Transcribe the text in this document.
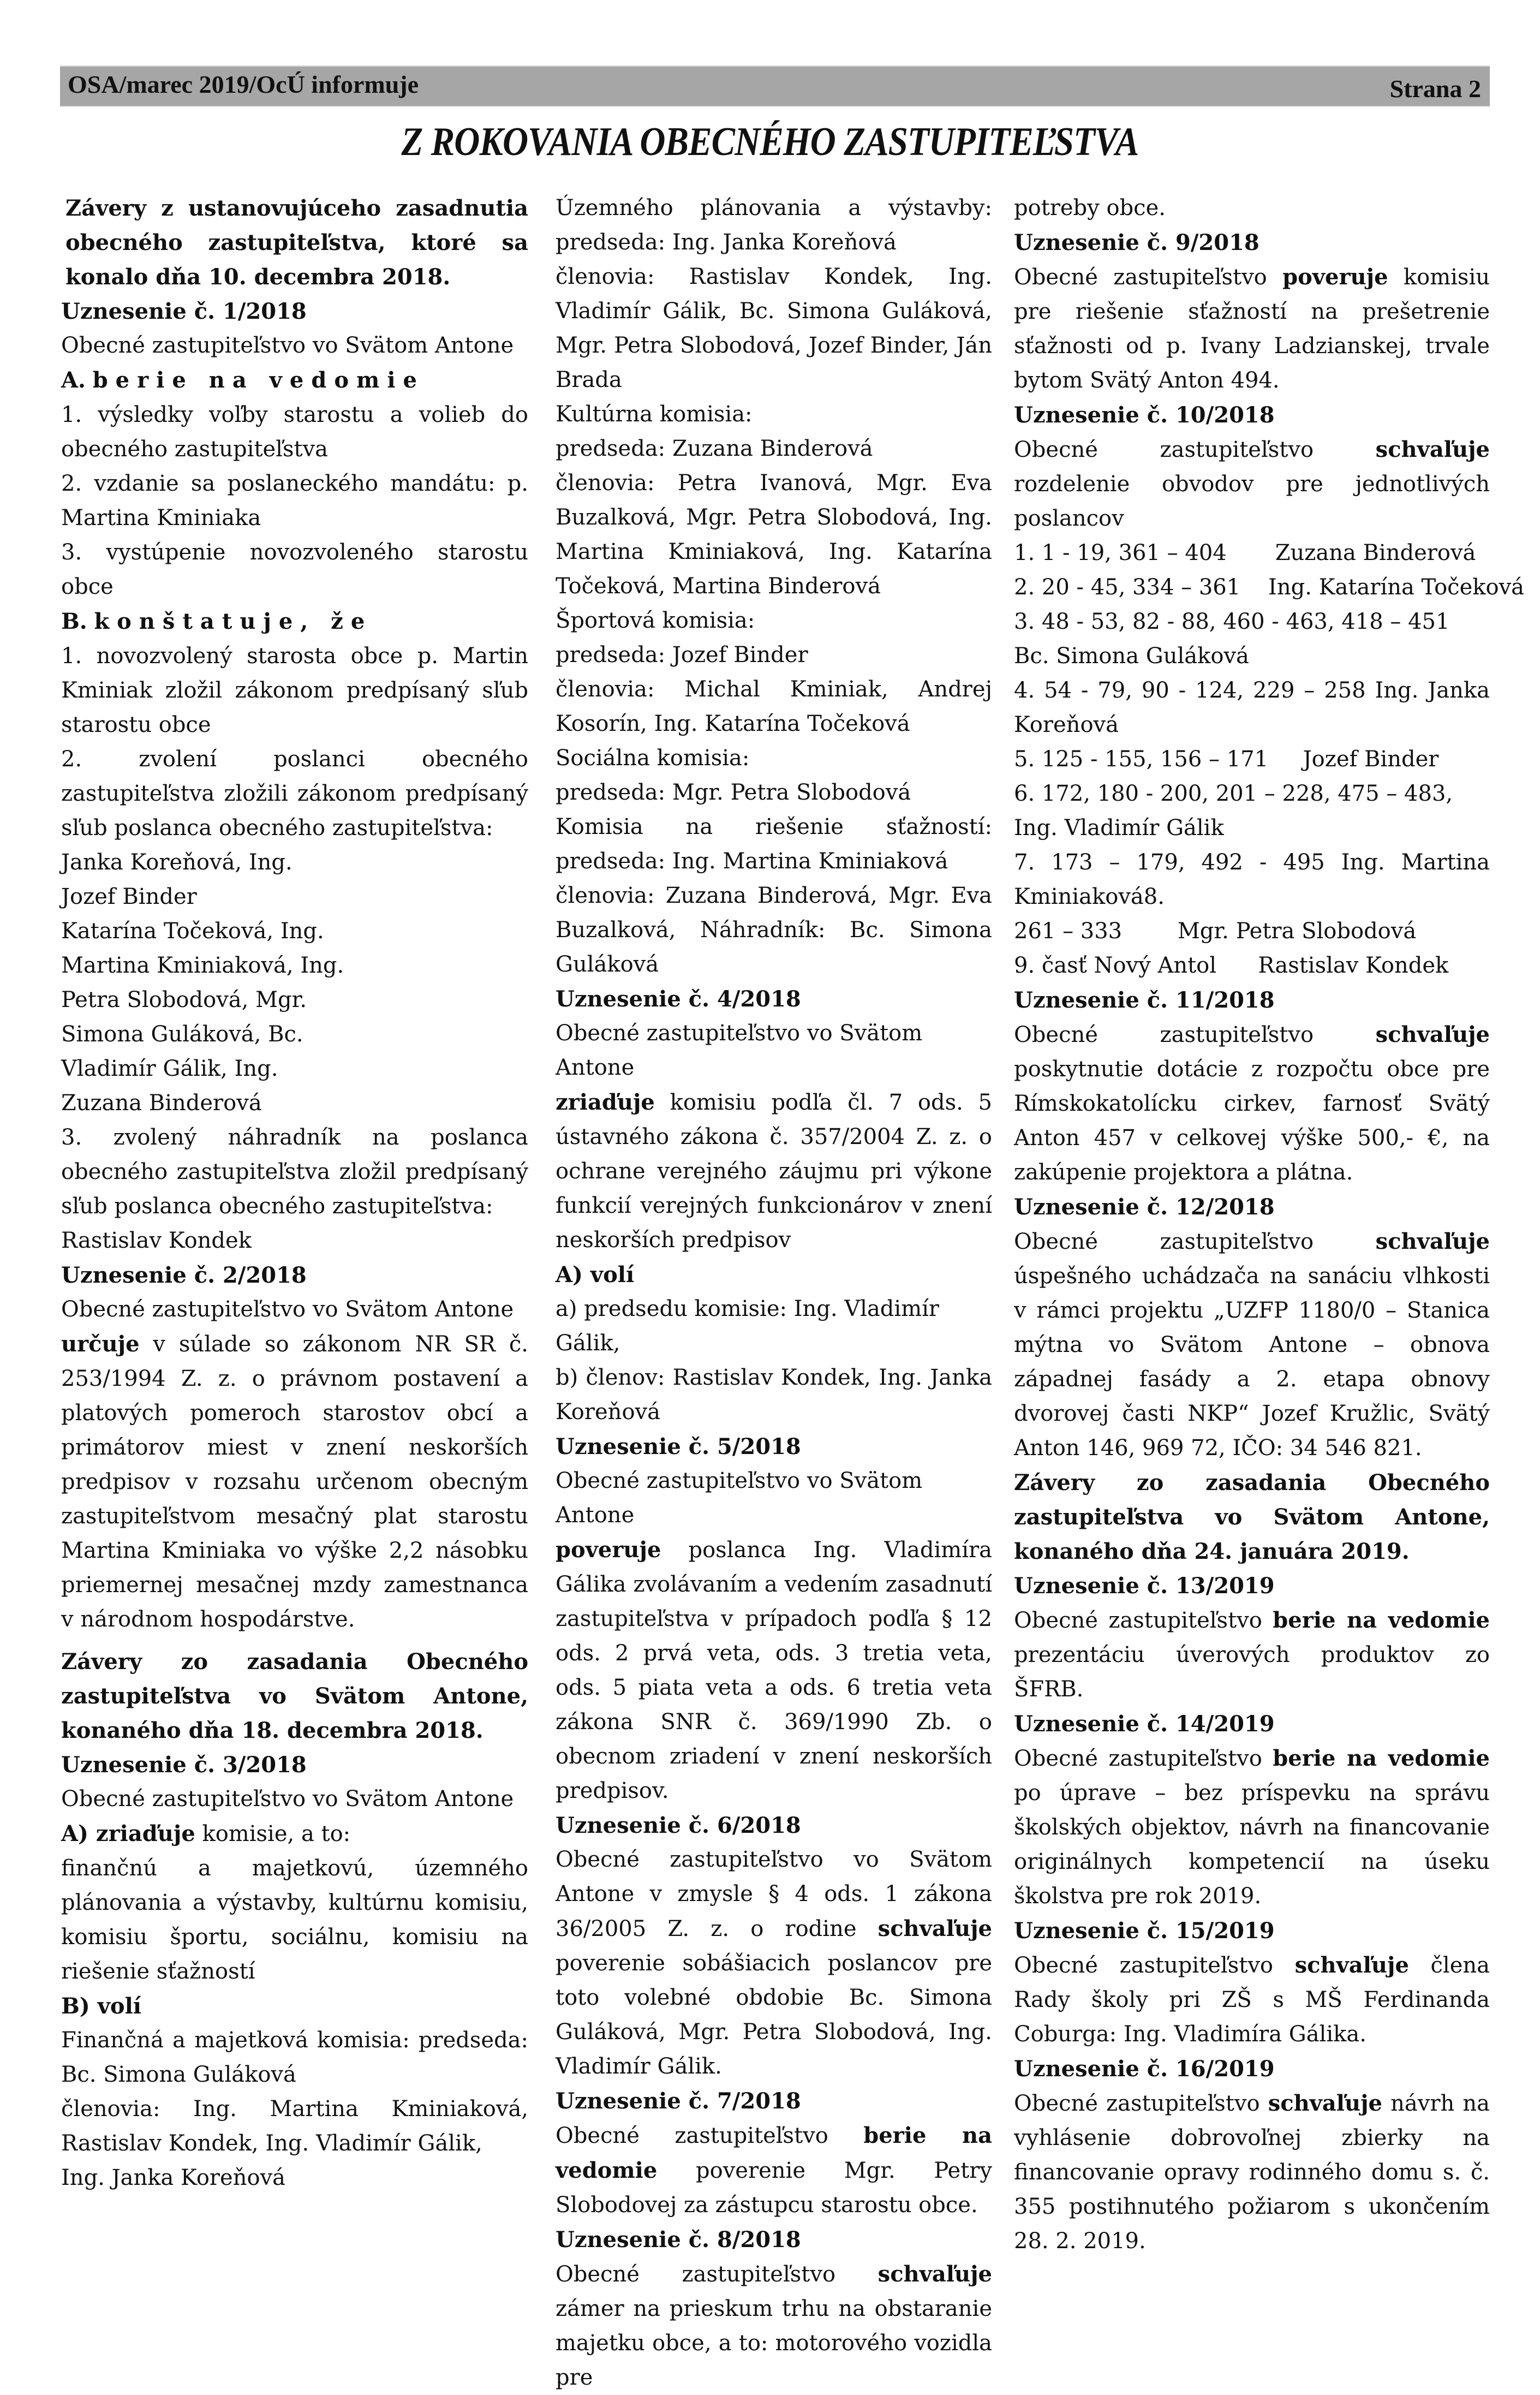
OSA/marec 2019/OcÚ informuje	Strana 2
Z ROKOVANIA OBECNÉHO ZASTUPITEĽSTVA

Závery z ustanovujúceho zasadnutia obecného zastupiteľstva, ktoré sa konalo dňa 10. decembra 2018.

Uznesenie č. 1/2018

Obecné zastupiteľstvo vo Svätom Antone

A. berie na vedomie

1. výsledky voľby starostu a volieb do obecného zastupiteľstva

2. vzdanie sa poslaneckého mandátu: p. Martina Kminiaka

3. vystúpenie novozvoleného starostu obce

B. konštatuje, že

1. novozvolený starosta obce p. Martin Kminiak zložil zákonom predpísaný sľub starostu obce

2. zvolení poslanci obecného zastupiteľstva zložili zákonom predpísaný sľub poslanca obecného zastupiteľstva:

Janka Koreňová, Ing.

Jozef Binder

Katarína Točeková, Ing.

Martina Kminiaková, Ing.

Petra Slobodová, Mgr.

Simona Guláková, Bc.

Vladimír Gálik, Ing.

Zuzana Binderová

3. zvolený náhradník na poslanca obecného zastupiteľstva zložil predpísaný sľub poslanca obecného zastupiteľstva:

Rastislav Kondek

Uznesenie č. 2/2018

Obecné zastupiteľstvo vo Svätom Antone

určuje v súlade so zákonom NR SR č. 253/1994 Z. z. o právnom postavení a platových pomeroch starostov obcí a primátorov miest v znení neskorších predpisov v rozsahu určenom obecným zastupiteľstvom mesačný plat starostu Martina Kminiaka vo výške 2,2 násobku priemernej mesačnej mzdy zamestnanca v národnom hospodárstve.

Závery zo zasadania Obecného zastupiteľstva vo Svätom Antone, konaného dňa 18. decembra 2018.

Uznesenie č. 3/2018

Obecné zastupiteľstvo vo Svätom Antone

A) zriaďuje komisie, a to:

finančnú a majetkovú, územného plánovania a výstavby, kultúrnu komisiu, komisiu športu, sociálnu, komisiu na riešenie sťažností

B) volí

Finančná a majetková komisia: predseda: Bc. Simona Guláková

členovia: Ing. Martina Kminiaková, Rastislav Kondek, Ing. Vladimír Gálik,

Ing. Janka Koreňová

Územného plánovania a výstavby: predseda: Ing. Janka Koreňová

členovia: Rastislav Kondek, Ing. Vladimír Gálik, Bc. Simona Guláková, Mgr. Petra Slobodová, Jozef Binder, Ján Brada

Kultúrna komisia:

predseda: Zuzana Binderová

členovia: Petra Ivanová, Mgr. Eva Buzalková, Mgr. Petra Slobodová, Ing. Martina Kminiaková, Ing. Katarína Točeková, Martina Binderová

Športová komisia:

predseda: Jozef Binder

členovia: Michal Kminiak, Andrej Kosorín, Ing. Katarína Točeková

Sociálna komisia:

predseda: Mgr. Petra Slobodová

Komisia na riešenie sťažností: predseda: Ing. Martina Kminiaková

členovia: Zuzana Binderová, Mgr. Eva Buzalková, Náhradník: Bc. Simona Guláková

Uznesenie č. 4/2018

Obecné zastupiteľstvo vo Svätom Antone

zriaďuje komisiu podľa čl. 7 ods. 5 ústavného zákona č. 357/2004 Z. z. o ochrane verejného záujmu pri výkone funkcií verejných funkcionárov v znení neskorších predpisov

A) volí

a) predsedu komisie: Ing. Vladimír Gálik,

b) členov: Rastislav Kondek, Ing. Janka Koreňová

Uznesenie č. 5/2018

Obecné zastupiteľstvo vo Svätom Antone

poveruje poslanca Ing. Vladimíra Gálika zvolávaním a vedením zasadnutí zastupiteľstva v prípadoch podľa § 12 ods. 2 prvá veta, ods. 3 tretia veta, ods. 5 piata veta a ods. 6 tretia veta zákona SNR č. 369/1990 Zb. o obecnom zriadení v znení neskorších predpisov.

Uznesenie č. 6/2018

Obecné zastupiteľstvo vo Svätom Antone v zmysle § 4 ods. 1 zákona 36/2005 Z. z. o rodine schvaľuje poverenie sobášiacich poslancov pre toto volebné obdobie Bc. Simona Guláková, Mgr. Petra Slobodová, Ing. Vladimír Gálik.

Uznesenie č. 7/2018

Obecné zastupiteľstvo berie na vedomie poverenie Mgr. Petry Slobodovej za zástupcu starostu obce.

Uznesenie č. 8/2018

Obecné zastupiteľstvo schvaľuje zámer na prieskum trhu na obstaranie majetku obce, a to: motorového vozidla pre

potreby obce.

Uznesenie č. 9/2018

Obecné zastupiteľstvo poveruje komisiu pre riešenie sťažností na prešetrenie sťažnosti od p. Ivany Ladzianskej, trvale bytom Svätý Anton 494.

Uznesenie č. 10/2018

Obecné zastupiteľstvo schvaľuje rozdelenie obvodov pre jednotlivých poslancov

1. 1 - 19, 361 – 404       Zuzana Binderová

2. 20 - 45, 334 – 361    Ing. Katarína Točeková

3. 48 - 53, 82 - 88, 460 - 463, 418 – 451

Bc. Simona Guláková

4. 54 - 79, 90 - 124, 229 – 258 Ing. Janka Koreňová

5. 125 - 155, 156 – 171     Jozef Binder

6. 172, 180 - 200, 201 – 228, 475 – 483,

Ing. Vladimír Gálik

7. 173 – 179, 492 - 495 Ing. Martina Kminiaková8.

261 – 333        Mgr. Petra Slobodová

9. časť Nový Antol      Rastislav Kondek

Uznesenie č. 11/2018

Obecné zastupiteľstvo schvaľuje poskytnutie dotácie z rozpočtu obce pre Rímskokatolícku cirkev, farnosť Svätý Anton 457 v celkovej výške 500,- €, na zakúpenie projektora a plátna.

Uznesenie č. 12/2018

Obecné zastupiteľstvo schvaľuje úspešného uchádzača na sanáciu vlhkosti v rámci projektu „UZFP 1180/0 – Stanica mýtna vo Svätom Antone – obnova západnej fasády a 2. etapa obnovy dvorovej časti NKP“ Jozef Kružlic, Svätý Anton 146, 969 72, IČO: 34 546 821.

Závery zo zasadania Obecného zastupiteľstva vo Svätom Antone, konaného dňa 24. januára 2019.

Uznesenie č. 13/2019

Obecné zastupiteľstvo berie na vedomie prezentáciu úverových produktov zo ŠFRB.

Uznesenie č. 14/2019

Obecné zastupiteľstvo berie na vedomie po úprave – bez príspevku na správu školských objektov, návrh na financovanie originálnych kompetencií na úseku školstva pre rok 2019.

Uznesenie č. 15/2019

Obecné zastupiteľstvo schvaľuje člena Rady školy pri ZŠ s MŠ Ferdinanda Coburga: Ing. Vladimíra Gálika.

Uznesenie č. 16/2019

Obecné zastupiteľstvo schvaľuje návrh na vyhlásenie dobrovoľnej zbierky na financovanie opravy rodinného domu s. č. 355 postihnutého požiarom s ukončením 28. 2. 2019.
